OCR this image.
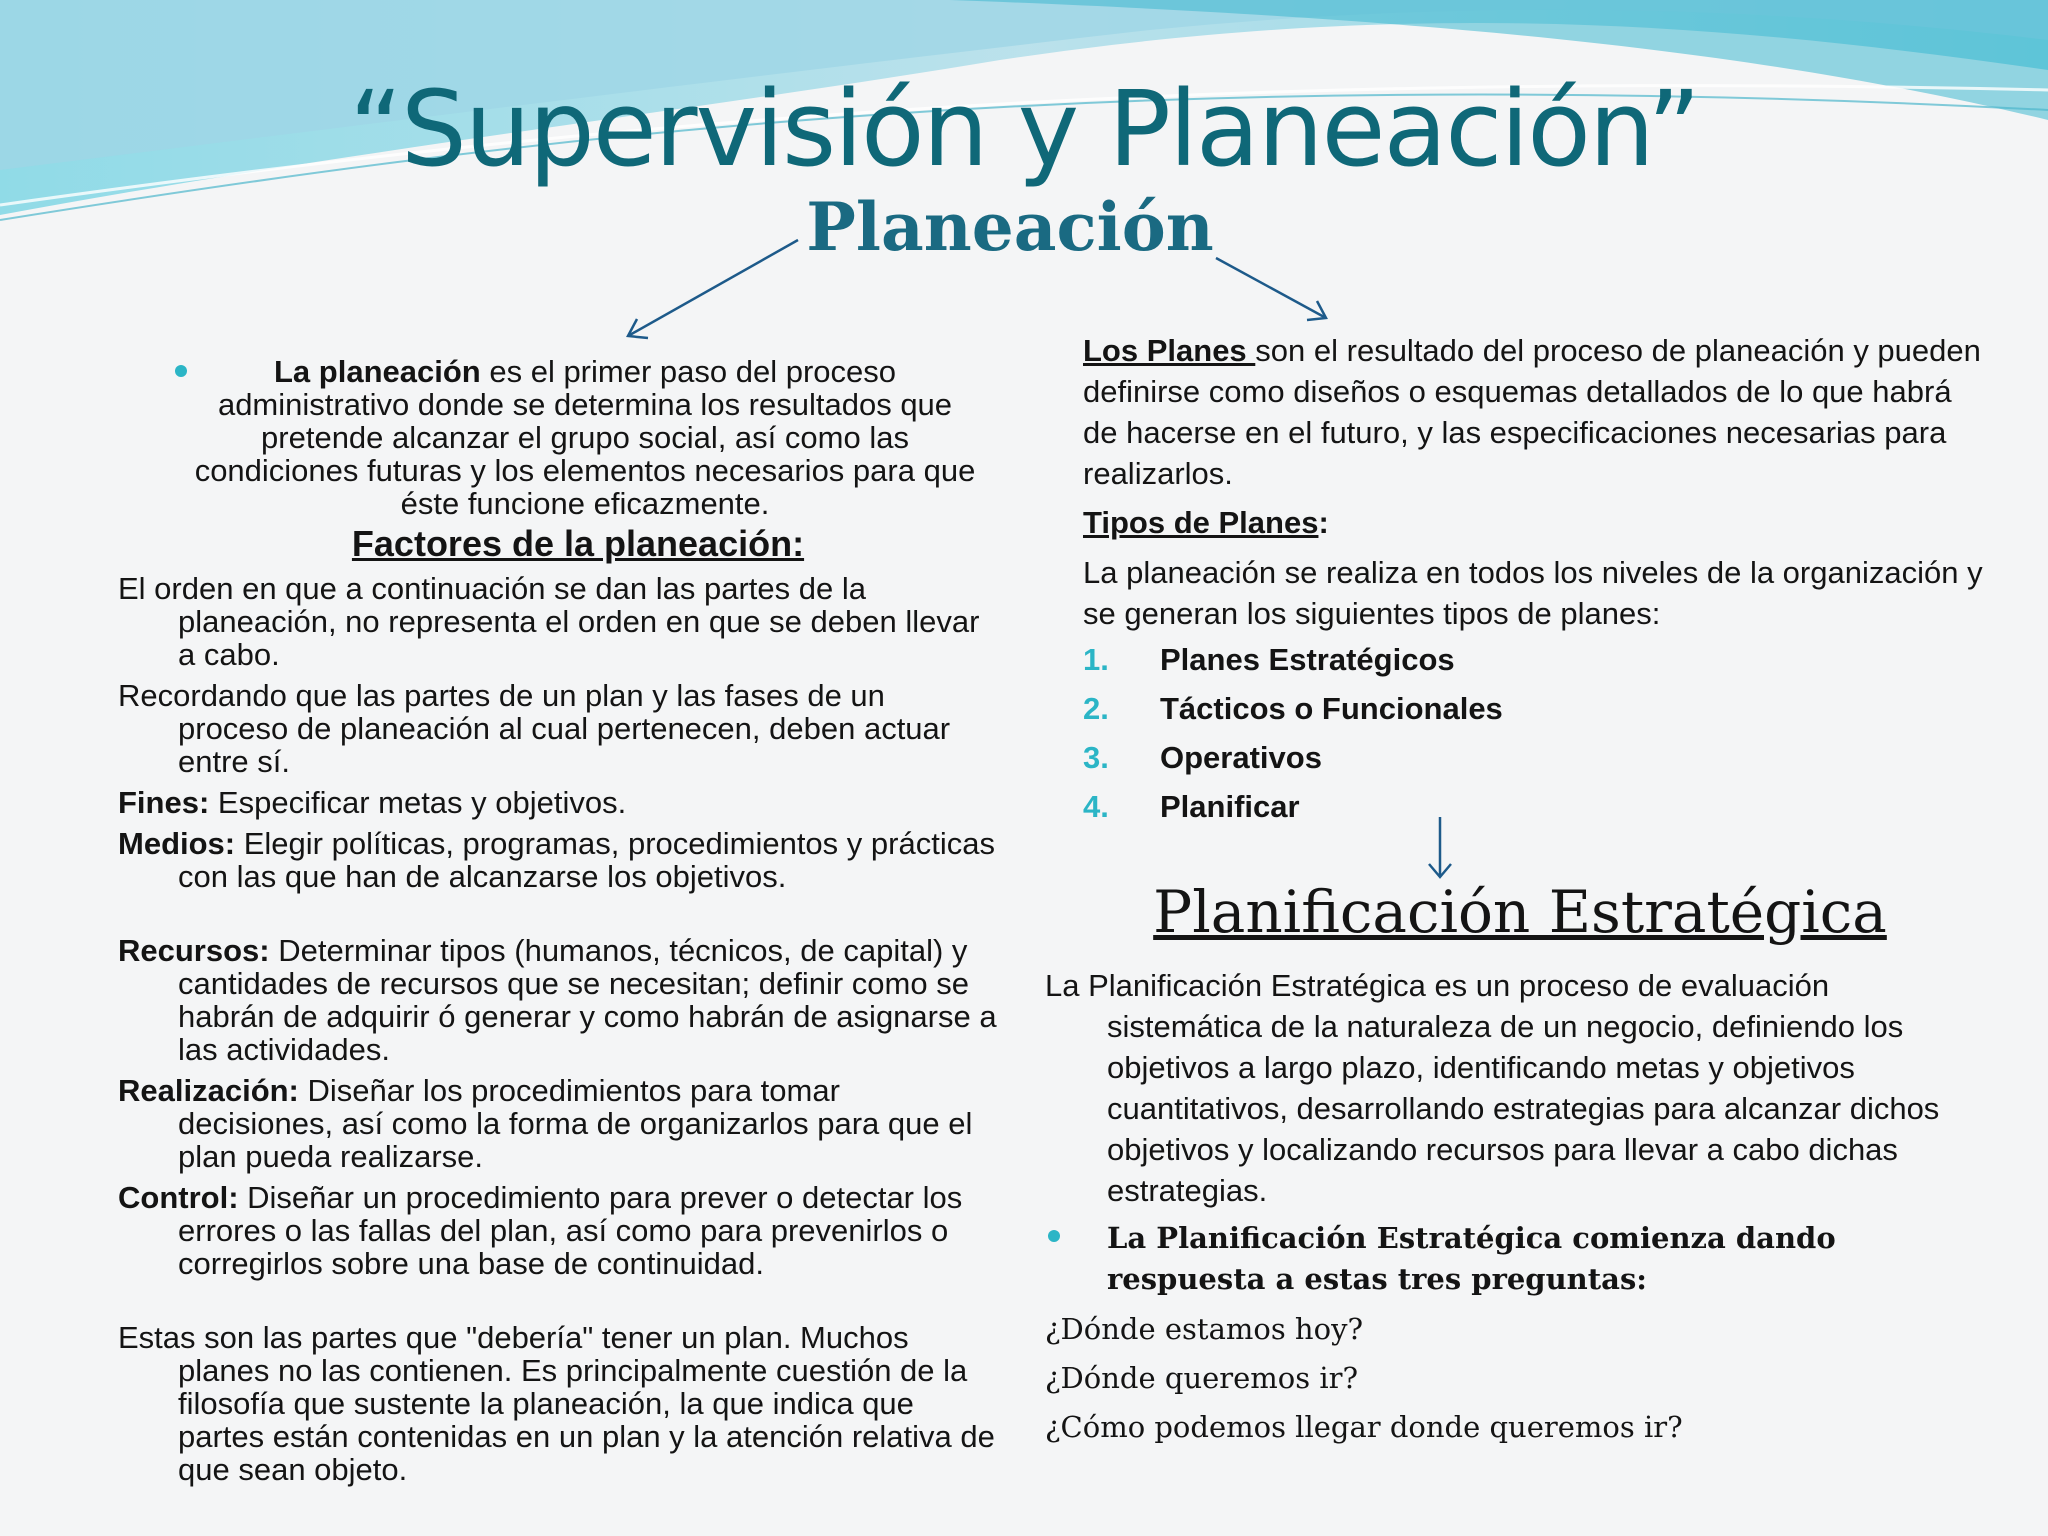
“Supervisión y Planeación”
Planeación
La planeación es el primer paso del proceso administrativo donde se determina los resultados que pretende alcanzar el grupo social, así como las condiciones futuras y los elementos necesarios para que éste funcione eficazmente.
Factores de la planeación:
El orden en que a continuación se dan las partes de la planeación, no representa el orden en que se deben llevar a cabo.
Recordando que las partes de un plan y las fases de un proceso de planeación al cual pertenecen, deben actuar entre sí.
Fines: Especificar metas y objetivos.
Medios: Elegir políticas, programas, procedimientos y prácticas con las que han de alcanzarse los objetivos.
Recursos: Determinar tipos (humanos, técnicos, de capital) y cantidades de recursos que se necesitan; definir como se habrán de adquirir ó generar y como habrán de asignarse a las actividades.
Realización: Diseñar los procedimientos para tomar decisiones, así como la forma de organizarlos para que el plan pueda realizarse.
Control: Diseñar un procedimiento para prever o detectar los errores o las fallas del plan, así como para prevenirlos o corregirlos sobre una base de continuidad.
Estas son las partes que "debería" tener un plan. Muchos planes no las contienen. Es principalmente cuestión de la filosofía que sustente la planeación, la que indica que partes están contenidas en un plan y la atención relativa de que sean objeto.
Los Planes son el resultado del proceso de planeación y pueden definirse como diseños o esquemas detallados de lo que habrá de hacerse en el futuro, y las especificaciones necesarias para realizarlos.
Tipos de Planes:
La planeación se realiza en todos los niveles de la organización y se generan los siguientes tipos de planes:
1. Planes Estratégicos
2. Tácticos o Funcionales
3. Operativos
4. Planificar
Planificación Estratégica
La Planificación Estratégica es un proceso de evaluación sistemática de la naturaleza de un negocio, definiendo los objetivos a largo plazo, identificando metas y objetivos cuantitativos, desarrollando estrategias para alcanzar dichos objetivos y localizando recursos para llevar a cabo dichas estrategias.
La Planificación Estratégica comienza dando respuesta a estas tres preguntas:
¿Dónde estamos hoy?
¿Dónde queremos ir?
¿Cómo podemos llegar donde queremos ir?
